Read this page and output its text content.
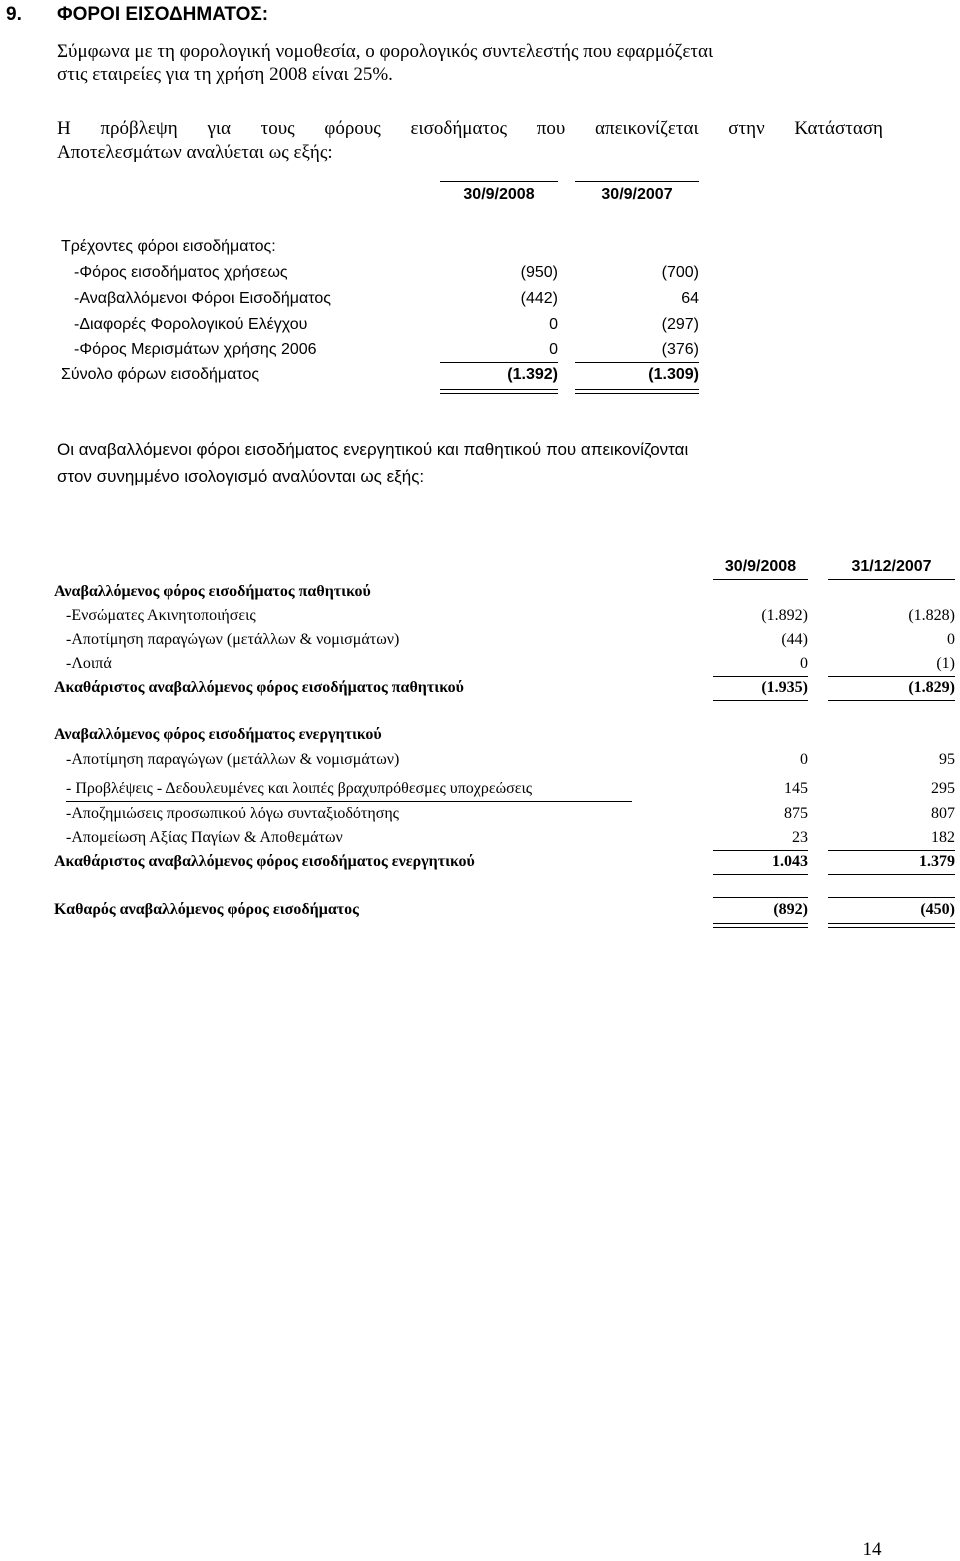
9. ΦΟΡΟΙ ΕΙΣΟΔΗΜΑΤΟΣ:
Σύμφωνα με τη φορολογική νομοθεσία, ο φορολογικός συντελεστής που εφαρμόζεται
στις εταιρείες για τη χρήση 2008 είναι 25%.
Η πρόβλεψη για τους φόρους εισοδήματος που απεικονίζεται στην Κατάσταση
Αποτελεσμάτων αναλύεται ως εξής:
30/9/2008	30/9/2007
Τρέχοντες φόροι εισοδήματος:
-Φόρος εισοδήματος χρήσεως	(950)	(700)
-Αναβαλλόμενοι Φόροι Εισοδήματος	(442)	64
-Διαφορές Φορολογικού Ελέγχου	0	(297)
-Φόρος Μερισμάτων χρήσης 2006	0	(376)
Σύνολο φόρων εισοδήματος	(1.392)	(1.309)
Οι αναβαλλόμενοι φόροι εισοδήματος ενεργητικού και παθητικού που απεικονίζονται
στον συνημμένο ισολογισμό αναλύονται ως εξής:
30/9/2008	31/12/2007
Αναβαλλόμενος φόρος εισοδήματος παθητικού
-Ενσώματες Ακινητοποιήσεις	(1.892)	(1.828)
-Αποτίμηση παραγώγων (μετάλλων & νομισμάτων)	(44)	0
-Λοιπά	0	(1)
Ακαθάριστος αναβαλλόμενος φόρος εισοδήματος παθητικού	(1.935)	(1.829)
Αναβαλλόμενος φόρος εισοδήματος ενεργητικού
-Αποτίμηση παραγώγων (μετάλλων & νομισμάτων)	0	95
- Προβλέψεις - Δεδουλευμένες και λοιπές βραχυπρόθεσμες υποχρεώσεις	145	295
-Αποζημιώσεις προσωπικού λόγω συνταξιοδότησης	875	807
-Απομείωση Αξίας Παγίων & Αποθεμάτων	23	182
Ακαθάριστος αναβαλλόμενος φόρος εισοδήματος ενεργητικού	1.043	1.379
Καθαρός αναβαλλόμενος φόρος εισοδήματος	(892)	(450)
14
